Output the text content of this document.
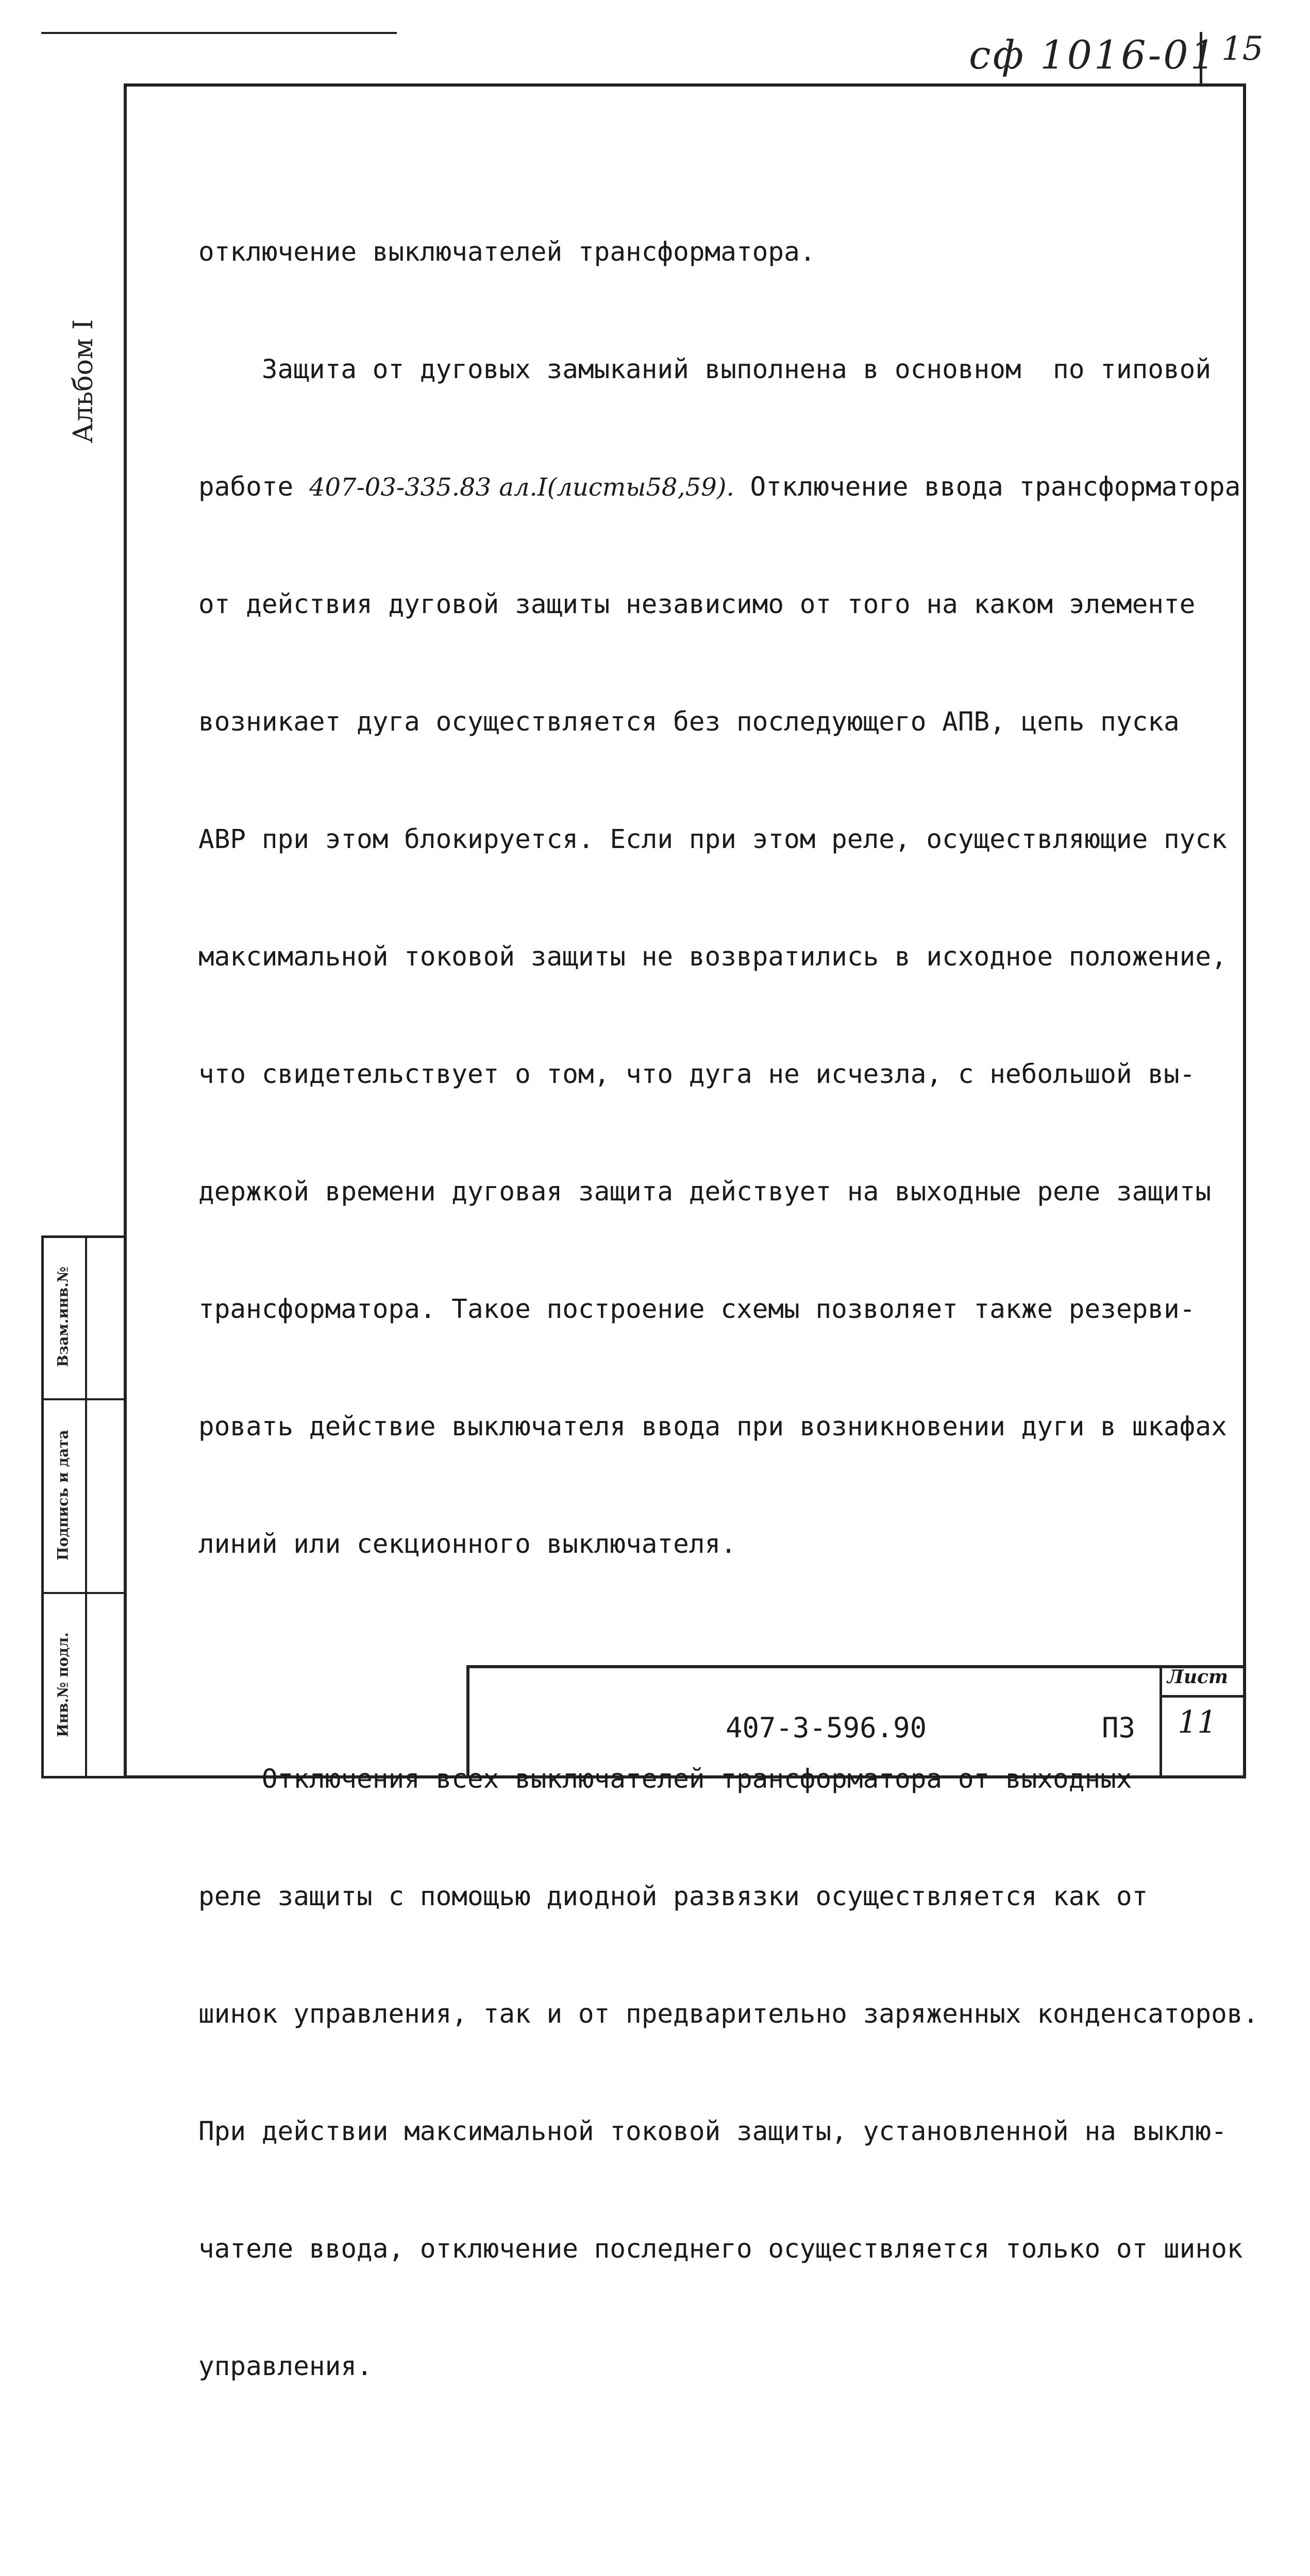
сф 1016-01 15
Альбом I
Взам.инв.№
Подпись и дата
Инв.№ подл.

отключение выключателей трансформатора.

Защита от дуговых замыканий выполнена в основном  по типовой

работе 407-03-335.83 ал.I(листы58,59). Отключение ввода трансформатора

от действия дуговой защиты независимо от того на каком элементе

возникает дуга осуществляется без последующего АПВ, цепь пуска

АВР при этом блокируется. Если при этом реле, осуществляющие пуск

максимальной токовой защиты не возвратились в исходное положение,

что свидетельствует о том, что дуга не исчезла, с небольшой вы-

держкой времени дуговая защита действует на выходные реле защиты

трансформатора. Такое построение схемы позволяет также резерви-

ровать действие выключателя ввода при возникновении дуги в шкафах

линий или секционного выключателя.

Отключения всех выключателей трансформатора от выходных

реле защиты с помощью диодной развязки осуществляется как от

шинок управления, так и от предварительно заряженных конденсаторов.

При действии максимальной токовой защиты, установленной на выклю-

чателе ввода, отключение последнего осуществляется только от шинок

управления.

407-3-596.90	ПЗ
Лист
11
